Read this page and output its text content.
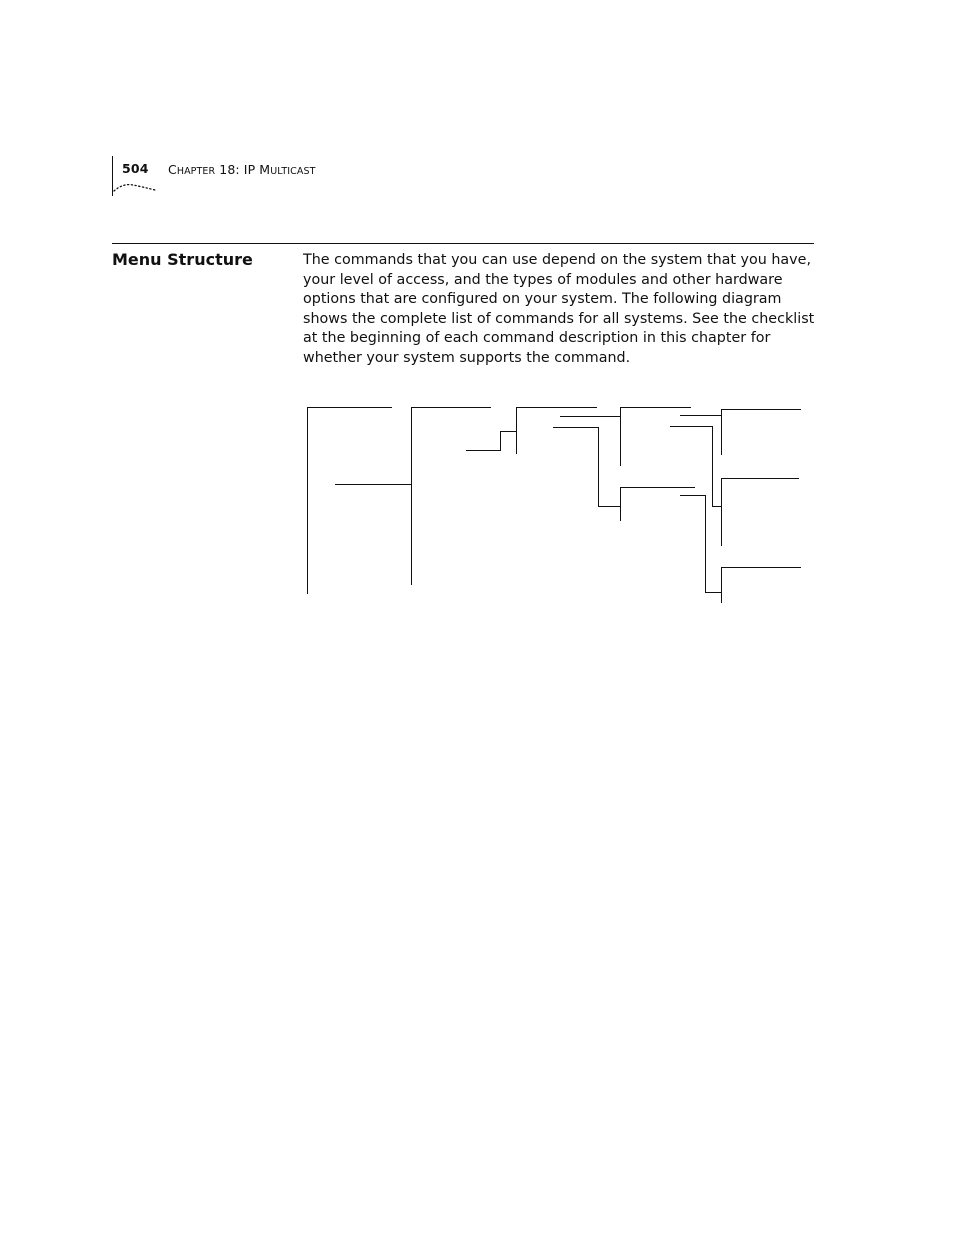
504 CHAPTER 18: IP MULTICAST
Menu Structure	The commands that you can use depend on the system that you have, your level of access, and the types of modules and other hardware options that are configured on your system. The following diagram shows the complete list of commands for all systems. See the checklist at the beginning of each command description in this chapter for whether your system supports the command.
